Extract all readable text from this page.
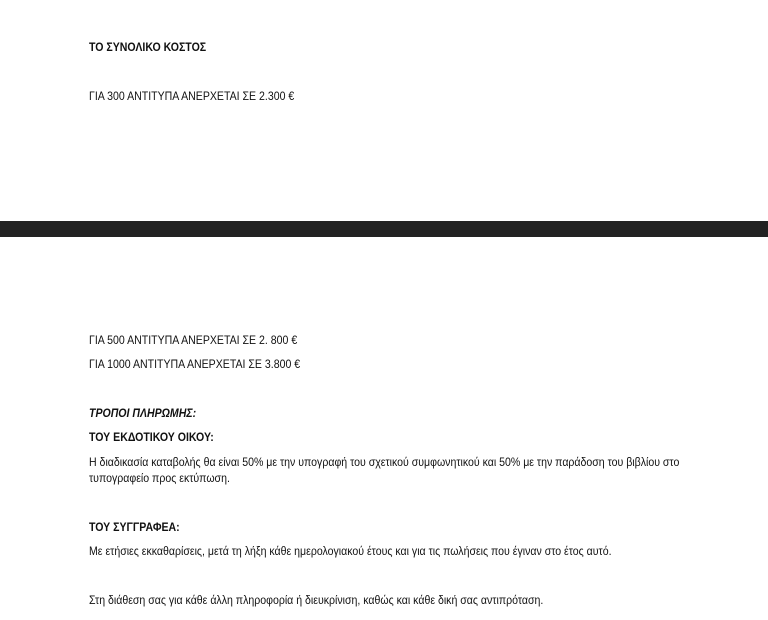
ΤΟ ΣΥΝΟΛΙΚΟ ΚΟΣΤΟΣ
ΓΙΑ 300 ΑΝΤΙΤΥΠΑ ΑΝΕΡΧΕΤΑΙ ΣΕ 2.300 €
ΓΙΑ 500 ΑΝΤΙΤΥΠΑ ΑΝΕΡΧΕΤΑΙ ΣΕ 2. 800 €
ΓΙΑ 1000 ΑΝΤΙΤΥΠΑ ΑΝΕΡΧΕΤΑΙ ΣΕ 3.800 €
ΤΡΟΠΟΙ ΠΛΗΡΩΜΗΣ:
ΤΟΥ ΕΚΔΟΤΙΚΟΥ ΟΙΚΟΥ:
Η διαδικασία καταβολής θα είναι 50% με την υπογραφή του σχετικού συμφωνητικού και 50% με την παράδοση του βιβλίου στο τυπογραφείο προς εκτύπωση.
ΤΟΥ ΣΥΓΓΡΑΦΕΑ:
Με ετήσιες εκκαθαρίσεις, μετά τη λήξη κάθε ημερολογιακού έτους και για τις πωλήσεις που έγιναν στο έτος αυτό.
Στη διάθεση σας για κάθε άλλη πληροφορία ή διευκρίνιση, καθώς και κάθε δική σας αντιπρόταση.
